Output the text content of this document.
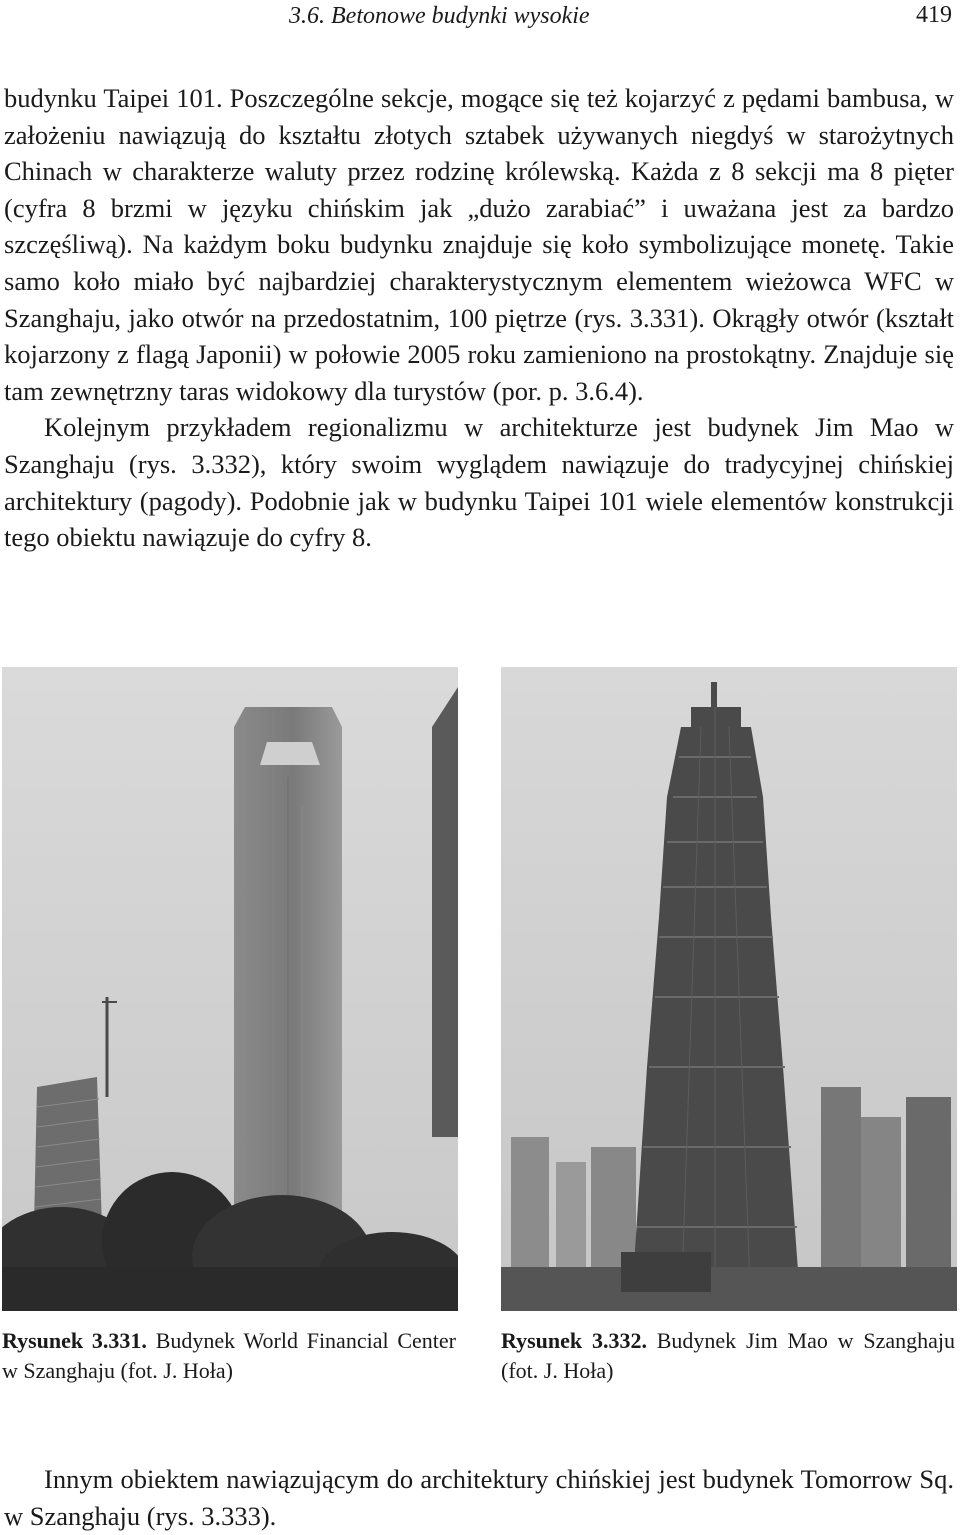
3.6. Betonowe budynki wysokie	419

budynku Taipei 101. Poszczególne sekcje, mogące się też kojarzyć z pędami bambusa, w założeniu nawiązują do kształtu złotych sztabek używanych niegdyś w starożytnych Chinach w charakterze waluty przez rodzinę królewską. Każda z 8 sekcji ma 8 pięter (cyfra 8 brzmi w języku chińskim jak „dużo zarabiać” i uważana jest za bardzo szczęśliwą). Na każdym boku budynku znajduje się koło symbolizujące monetę. Takie samo koło miało być najbardziej charakterystycznym elementem wieżowca WFC w Szanghaju, jako otwór na przedostatnim, 100 piętrze (rys. 3.331). Okrągły otwór (kształt kojarzony z flagą Japonii) w połowie 2005 roku zamieniono na prostokątny. Znajduje się tam zewnętrzny taras widokowy dla turystów (por. p. 3.6.4).

Kolejnym przykładem regionalizmu w architekturze jest budynek Jim Mao w Szanghaju (rys. 3.332), który swoim wyglądem nawiązuje do tradycyjnej chińskiej architektury (pagody). Podobnie jak w budynku Taipei 101 wiele elementów konstrukcji tego obiektu nawiązuje do cyfry 8.

Rysunek 3.331. Budynek World Financial Center w Szanghaju (fot. J. Hoła)
Rysunek 3.332. Budynek Jim Mao w Szanghaju (fot. J. Hoła)

Innym obiektem nawiązującym do architektury chińskiej jest budynek Tomorrow Sq. w Szanghaju (rys. 3.333).
